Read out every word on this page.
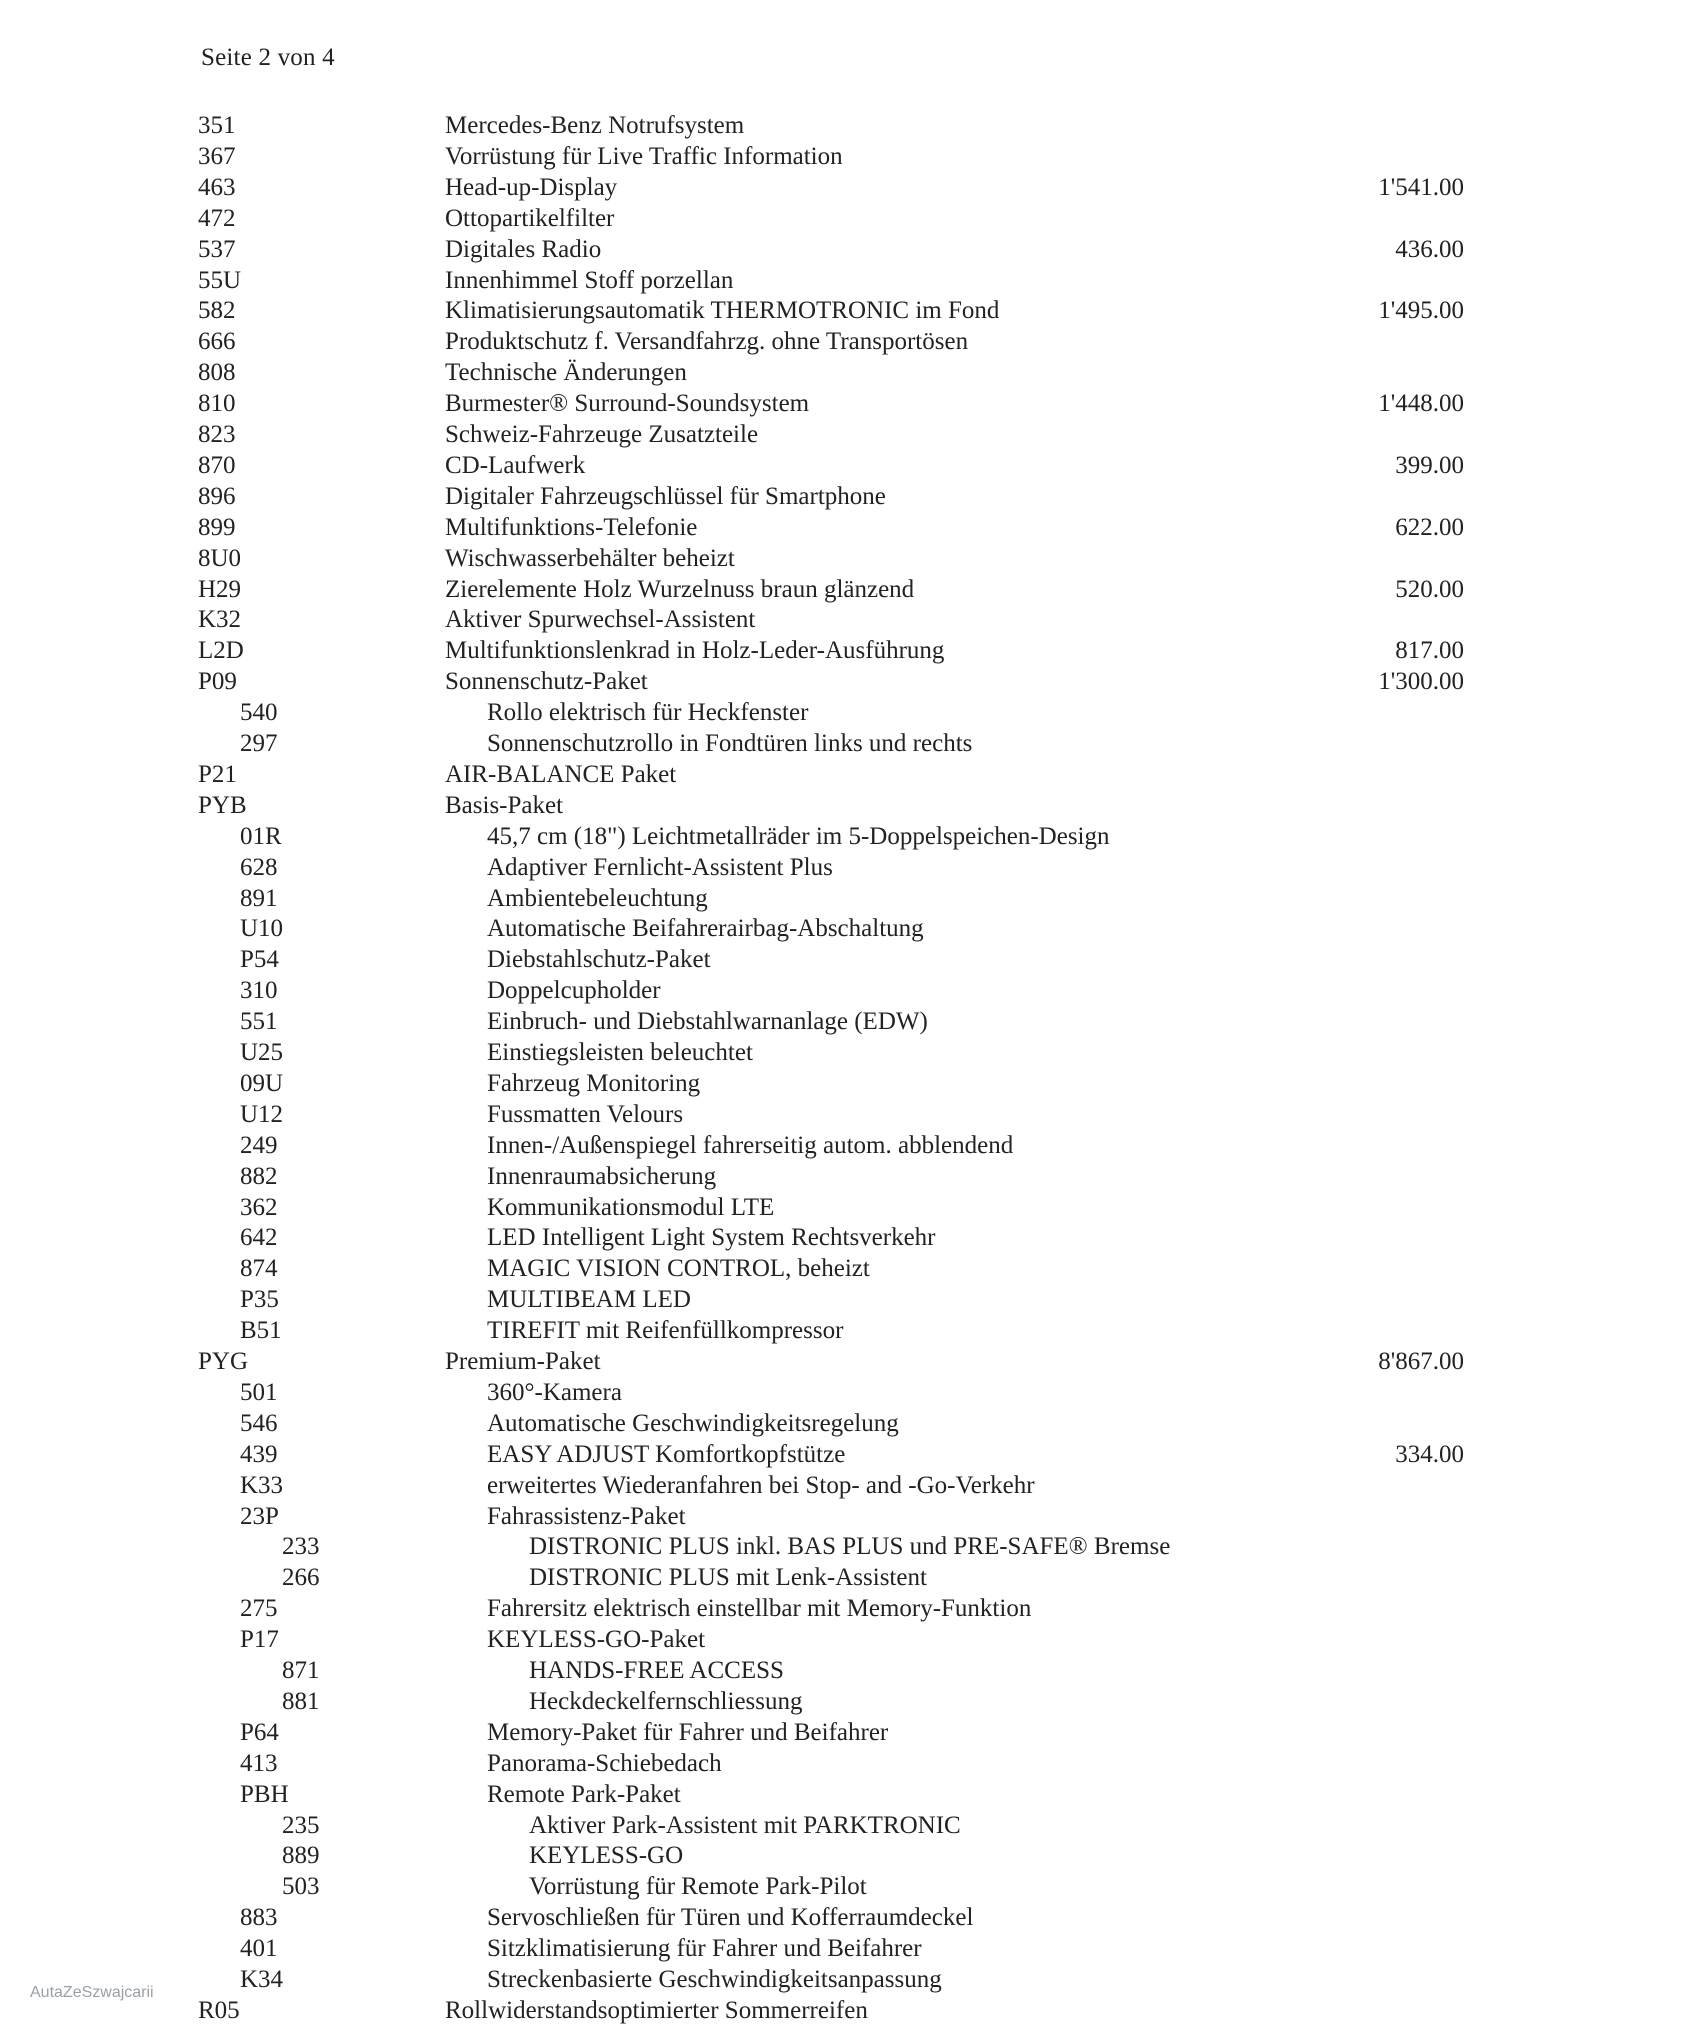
Seite 2 von 4
351	Mercedes-Benz Notrufsystem
367	Vorrüstung für Live Traffic Information
463	Head-up-Display	1'541.00
472	Ottopartikelfilter
537	Digitales Radio	436.00
55U	Innenhimmel Stoff porzellan
582	Klimatisierungsautomatik THERMOTRONIC im Fond	1'495.00
666	Produktschutz f. Versandfahrzg. ohne Transportösen
808	Technische Änderungen
810	Burmester® Surround-Soundsystem	1'448.00
823	Schweiz-Fahrzeuge Zusatzteile
870	CD-Laufwerk	399.00
896	Digitaler Fahrzeugschlüssel für Smartphone
899	Multifunktions-Telefonie	622.00
8U0	Wischwasserbehälter beheizt
H29	Zierelemente Holz Wurzelnuss braun glänzend	520.00
K32	Aktiver Spurwechsel-Assistent
L2D	Multifunktionslenkrad in Holz-Leder-Ausführung	817.00
P09	Sonnenschutz-Paket	1'300.00
540	Rollo elektrisch für Heckfenster
297	Sonnenschutzrollo in Fondtüren links und rechts
P21	AIR-BALANCE Paket
PYB	Basis-Paket
01R	45,7 cm (18") Leichtmetallräder im 5-Doppelspeichen-Design
628	Adaptiver Fernlicht-Assistent Plus
891	Ambientebeleuchtung
U10	Automatische Beifahrerairbag-Abschaltung
P54	Diebstahlschutz-Paket
310	Doppelcupholder
551	Einbruch- und Diebstahlwarnanlage (EDW)
U25	Einstiegsleisten beleuchtet
09U	Fahrzeug Monitoring
U12	Fussmatten Velours
249	Innen-/Außenspiegel fahrerseitig autom. abblendend
882	Innenraumabsicherung
362	Kommunikationsmodul LTE
642	LED Intelligent Light System Rechtsverkehr
874	MAGIC VISION CONTROL, beheizt
P35	MULTIBEAM LED
B51	TIREFIT mit Reifenfüllkompressor
PYG	Premium-Paket	8'867.00
501	360°-Kamera
546	Automatische Geschwindigkeitsregelung
439	EASY ADJUST Komfortkopfstütze	334.00
K33	erweitertes Wiederanfahren bei Stop- and -Go-Verkehr
23P	Fahrassistenz-Paket
233	DISTRONIC PLUS inkl. BAS PLUS und PRE-SAFE® Bremse
266	DISTRONIC PLUS mit Lenk-Assistent
275	Fahrersitz elektrisch einstellbar mit Memory-Funktion
P17	KEYLESS-GO-Paket
871	HANDS-FREE ACCESS
881	Heckdeckelfernschliessung
P64	Memory-Paket für Fahrer und Beifahrer
413	Panorama-Schiebedach
PBH	Remote Park-Paket
235	Aktiver Park-Assistent mit PARKTRONIC
889	KEYLESS-GO
503	Vorrüstung für Remote Park-Pilot
883	Servoschließen für Türen und Kofferraumdeckel
401	Sitzklimatisierung für Fahrer und Beifahrer
K34	Streckenbasierte Geschwindigkeitsanpassung
R05	Rollwiderstandsoptimierter Sommerreifen
AutaZeSzwajcarii
